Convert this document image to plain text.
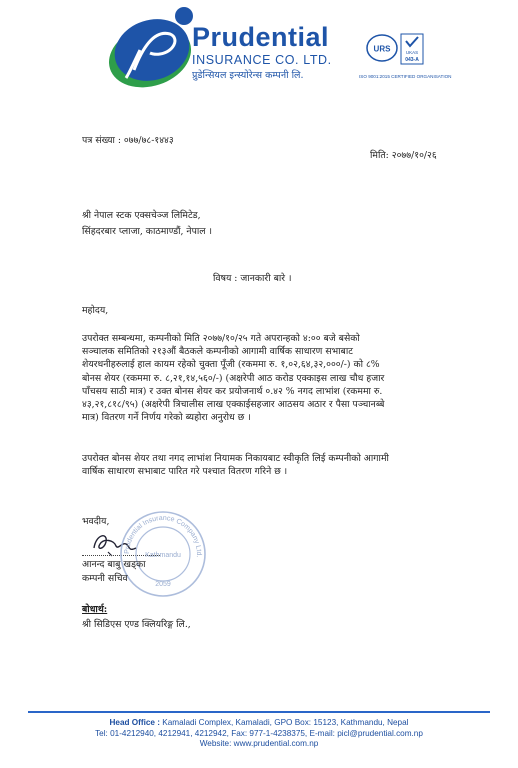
Prudential
INSURANCE CO. LTD.
प्रुडेन्सियल इन्स्योरेन्स कम्पनी लि.
URS	UKAS
043-A
ISO 9001:2015 CERTIFIED ORGANISATION
पत्र संख्या : ०७७/७८-१४४३
मिति: २०७७/१०/२६
श्री नेपाल स्टक एक्सचेञ्ज लिमिटेड,
सिंहदरबार प्लाजा, काठमाण्डौं, नेपाल ।
विषय : जानकारी बारे ।
महोदय,
उपरोक्त सम्बन्धमा, कम्पनीको मिति २०७७/१०/२५ गते अपरान्हको ४:०० बजे बसेको
सञ्चालक समितिको २१३औं बैठकले कम्पनीको आगामी वार्षिक साधारण सभाबाट
शेयरधनीहरुलाई हाल कायम रहेको चुक्ता पूँजी (रकममा रु. १,०२,६४,३२,०००/-) को ८%
बोनस शेयर (रकममा रु. ८,२१,१४,५६०/-) (अक्षरेपी आठ करोड एक्काइस लाख चौध हजार
पाँचसय साठी मात्र) र उक्त बोनस शेयर कर प्रयोजनार्थ ०.४२ % नगद लाभांश (रकममा रु.
४३,२१,८१८/९५) (अक्षरेपी त्रिचालीस लाख एक्काईसहजार आठसय अठार र पैसा पञ्चानब्बे
मात्र) वितरण गर्ने निर्णय गरेको ब्यहोरा अनुरोध छ ।
उपरोक्त बोनस शेयर तथा नगद लाभांश नियामक निकायबाट स्वीकृति लिई कम्पनीको आगामी
वार्षिक साधारण सभाबाट पारित गरे पश्चात वितरण गरिने छ ।
भवदीय,
Prudential Insurance Company Ltd.
Kathmandu
2059
आनन्द बाबु खड्का
कम्पनी सचिव
बोधार्थ:
श्री सिडिएस एण्ड क्लियरिङ्ग लि.,
Head Office : Kamaladi Complex, Kamaladi, GPO Box: 15123, Kathmandu, Nepal
Tel: 01-4212940, 4212941, 4212942, Fax: 977-1-4238375, E-mail: picl@prudential.com.np
Website: www.prudential.com.np
